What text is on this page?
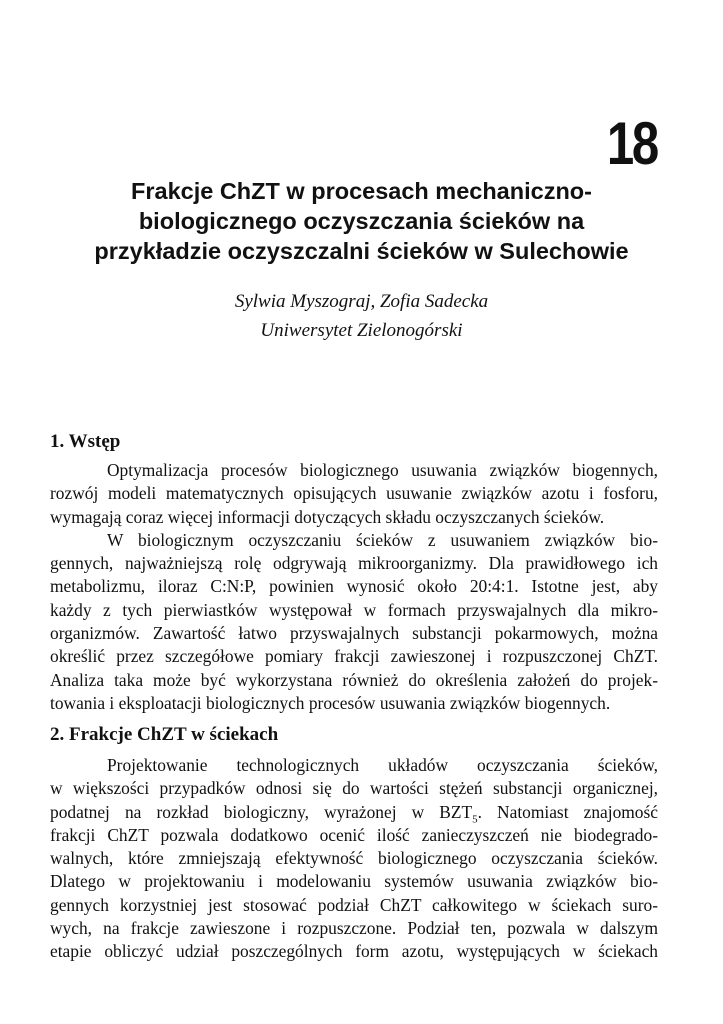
18
Frakcje ChZT w procesach mechaniczno-
biologicznego oczyszczania ścieków na
przykładzie oczyszczalni ścieków w Sulechowie
Sylwia Myszograj, Zofia Sadecka
Uniwersytet Zielonogórski
1. Wstęp
Optymalizacja procesów biologicznego usuwania związków biogennych,
rozwój modeli matematycznych opisujących usuwanie związków azotu i fosforu,
wymagają coraz więcej informacji dotyczących składu oczyszczanych ścieków.
W biologicznym oczyszczaniu ścieków z usuwaniem związków bio-
gennych, najważniejszą rolę odgrywają mikroorganizmy. Dla prawidłowego ich
metabolizmu, iloraz C:N:P, powinien wynosić około 20:4:1. Istotne jest, aby
każdy z tych pierwiastków występował w formach przyswajalnych dla mikro-
organizmów. Zawartość łatwo przyswajalnych substancji pokarmowych, można
określić przez szczegółowe pomiary frakcji zawieszonej i rozpuszczonej ChZT.
Analiza taka może być wykorzystana również do określenia założeń do projek-
towania i eksploatacji biologicznych procesów usuwania związków biogennych.
2. Frakcje ChZT w ściekach
Projektowanie technologicznych układów oczyszczania ścieków,
w większości przypadków odnosi się do wartości stężeń substancji organicznej,
podatnej na rozkład biologiczny, wyrażonej w $BZT_5$. Natomiast znajomość
frakcji ChZT pozwala dodatkowo ocenić ilość zanieczyszczeń nie biodegrado-
walnych, które zmniejszają efektywność biologicznego oczyszczania ścieków.
Dlatego w projektowaniu i modelowaniu systemów usuwania związków bio-
gennych korzystniej jest stosować podział ChZT całkowitego w ściekach suro-
wych, na frakcje zawieszone i rozpuszczone. Podział ten, pozwala w dalszym
etapie obliczyć udział poszczególnych form azotu, występujących w ściekach
